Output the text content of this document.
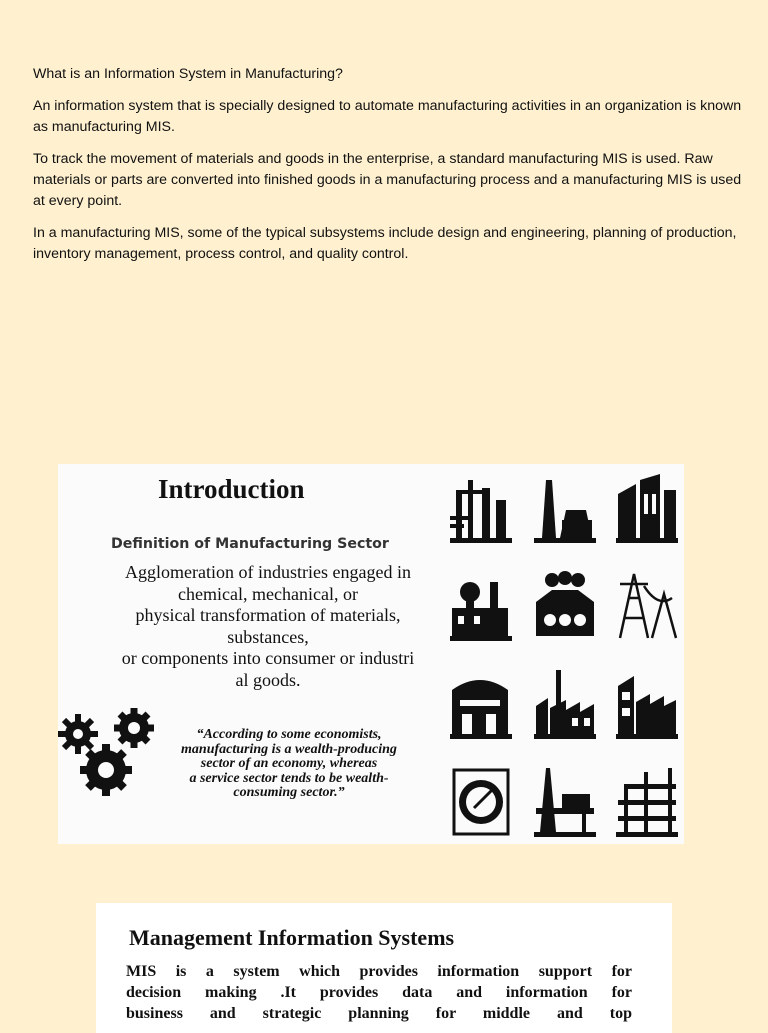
What is an Information System in Manufacturing?

An information system that is specially designed to automate manufacturing activities in an organization is known as manufacturing MIS.

To track the movement of materials and goods in the enterprise, a standard manufacturing MIS is used. Raw materials or parts are converted into finished goods in a manufacturing process and a manufacturing MIS is used at every point.

In a manufacturing MIS, some of the typical subsystems include design and engineering, planning of production, inventory management, process control, and quality control.

Introduction
Definition of Manufacturing Sector
Agglomeration of industries engaged in
chemical, mechanical, or
physical transformation of materials,
substances,
or components into consumer or industri
al goods.
“According to some economists,
manufacturing is a wealth-producing
sector of an economy, whereas
a service sector tends to be wealth-
consuming sector.”
Management Information Systems
MIS is a system which provides information support for
decision making .It provides data and information for
business and strategic planning for middle and top
